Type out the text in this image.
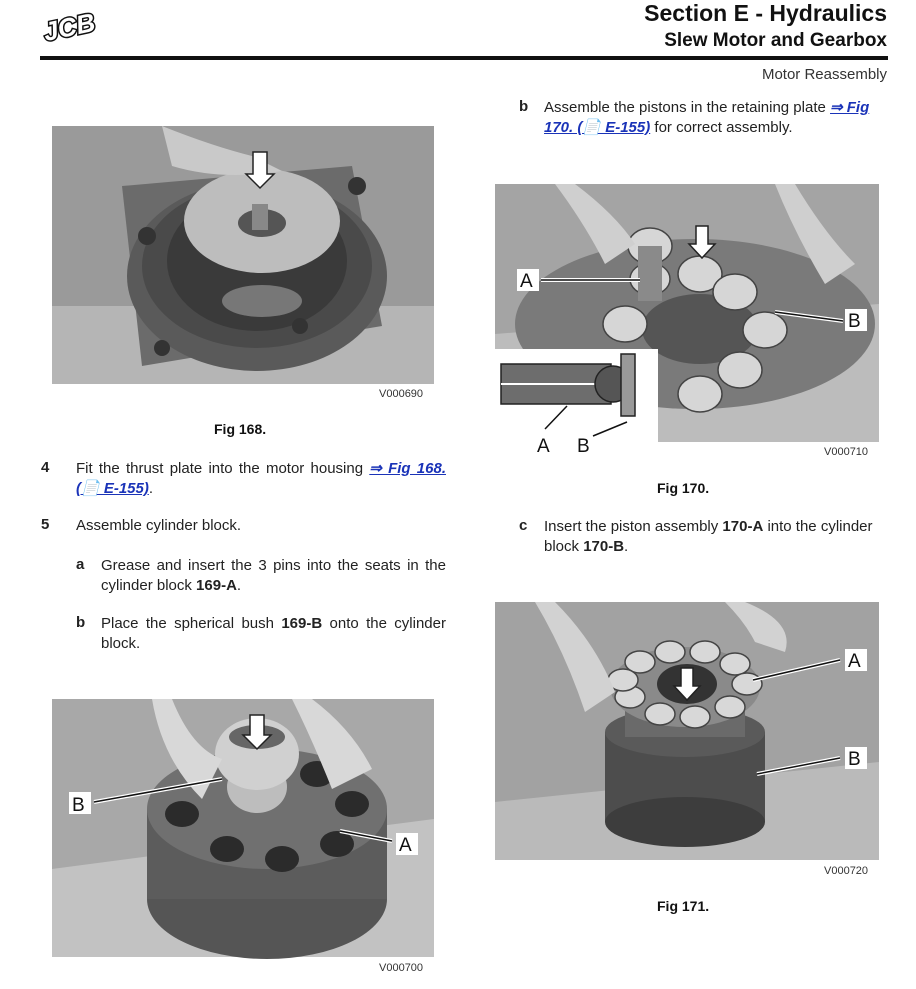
JCB	Section E - Hydraulics
Slew Motor and Gearbox
Motor Reassembly
V000690
Fig 168.
4 Fit the thrust plate into the motor housing ⇒ Fig 168. (📄 E-155).
5 Assemble cylinder block.
a Grease and insert the 3 pins into the seats in the cylinder block 169-A.
b Place the spherical bush 169-B onto the cylinder block.
B
A
V000700
b Assemble the pistons in the retaining plate ⇒ Fig 170. (📄 E-155) for correct assembly.
A B
A
B
V000710
Fig 170.
c Insert the piston assembly 170-A into the cylinder block 170-B.
A
B
V000720
Fig 171.
